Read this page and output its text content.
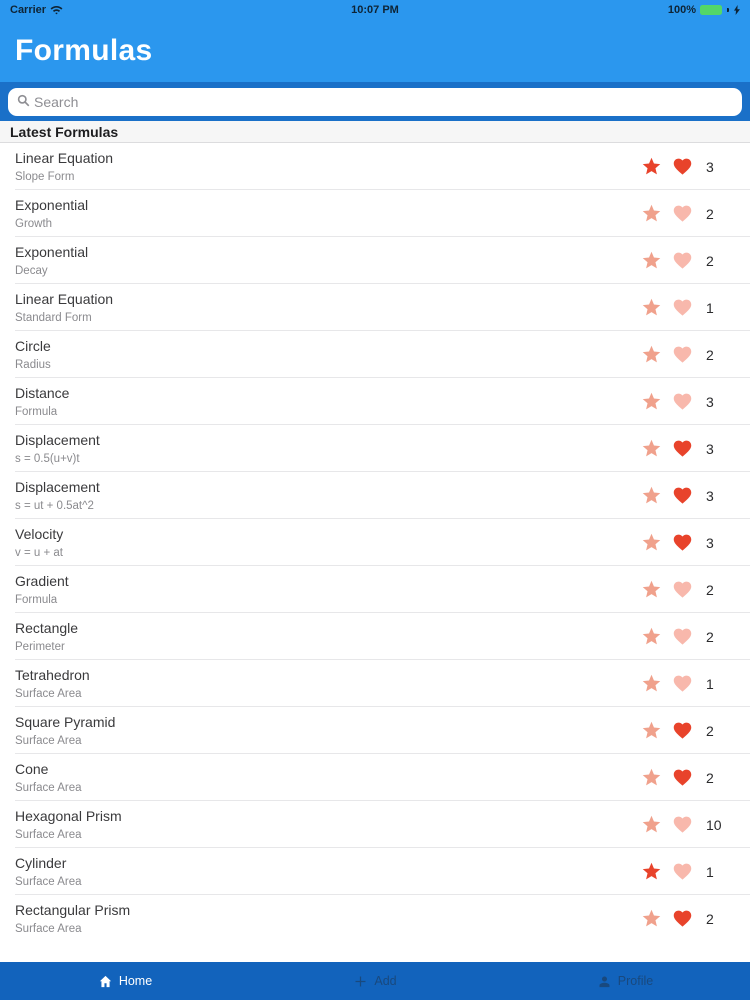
Carrier	10:07 PM	100%
Formulas
Search
Latest Formulas
Linear Equation
Slope Form
3
Exponential
Growth
2
Exponential
Decay
2
Linear Equation
Standard Form
1
Circle
Radius
2
Distance
Formula
3
Displacement
s = 0.5(u+v)t
3
Displacement
s = ut + 0.5at^2
3
Velocity
v = u + at
3
Gradient
Formula
2
Rectangle
Perimeter
2
Tetrahedron
Surface Area
1
Square Pyramid
Surface Area
2
Cone
Surface Area
2
Hexagonal Prism
Surface Area
10
Cylinder
Surface Area
1
Rectangular Prism
Surface Area
2
Home	Add	Profile
